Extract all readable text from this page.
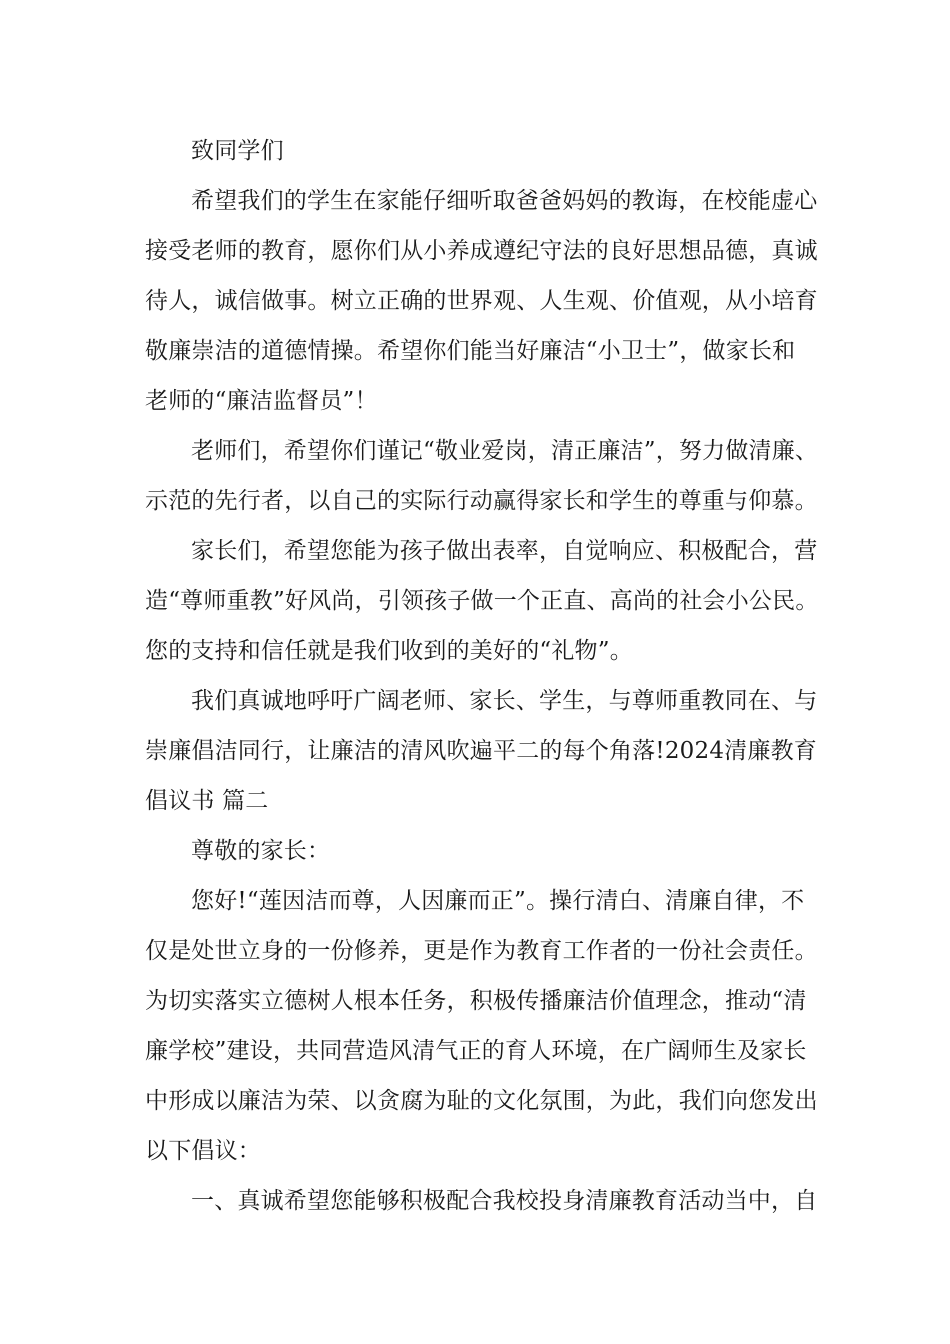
致同学们
希望我们的学生在家能仔细听取爸爸妈妈的教诲，在校能虚心
接受老师的教育，愿你们从小养成遵纪守法的良好思想品德，真诚
待人，诚信做事。树立正确的世界观、人生观、价值观，从小培育
敬廉崇洁的道德情操。希望你们能当好廉洁“小卫士”，做家长和
老师的“廉洁监督员”！
老师们，希望你们谨记“敬业爱岗，清正廉洁”，努力做清廉、
示范的先行者，以自己的实际行动赢得家长和学生的尊重与仰慕。
家长们，希望您能为孩子做出表率，自觉响应、积极配合，营
造“尊师重教”好风尚，引领孩子做一个正直、高尚的社会小公民。
您的支持和信任就是我们收到的美好的“礼物”。
我们真诚地呼吁广阔老师、家长、学生，与尊师重教同在、与
崇廉倡洁同行，让廉洁的清风吹遍平二的每个角落!2024清廉教育
倡议书 篇二
尊敬的家长：
您好!“莲因洁而尊，人因廉而正”。操行清白、清廉自律，不
仅是处世立身的一份修养，更是作为教育工作者的一份社会责任。
为切实落实立德树人根本任务，积极传播廉洁价值理念，推动“清
廉学校”建设，共同营造风清气正的育人环境，在广阔师生及家长
中形成以廉洁为荣、以贪腐为耻的文化氛围，为此，我们向您发出
以下倡议：
一、真诚希望您能够积极配合我校投身清廉教育活动当中，自
